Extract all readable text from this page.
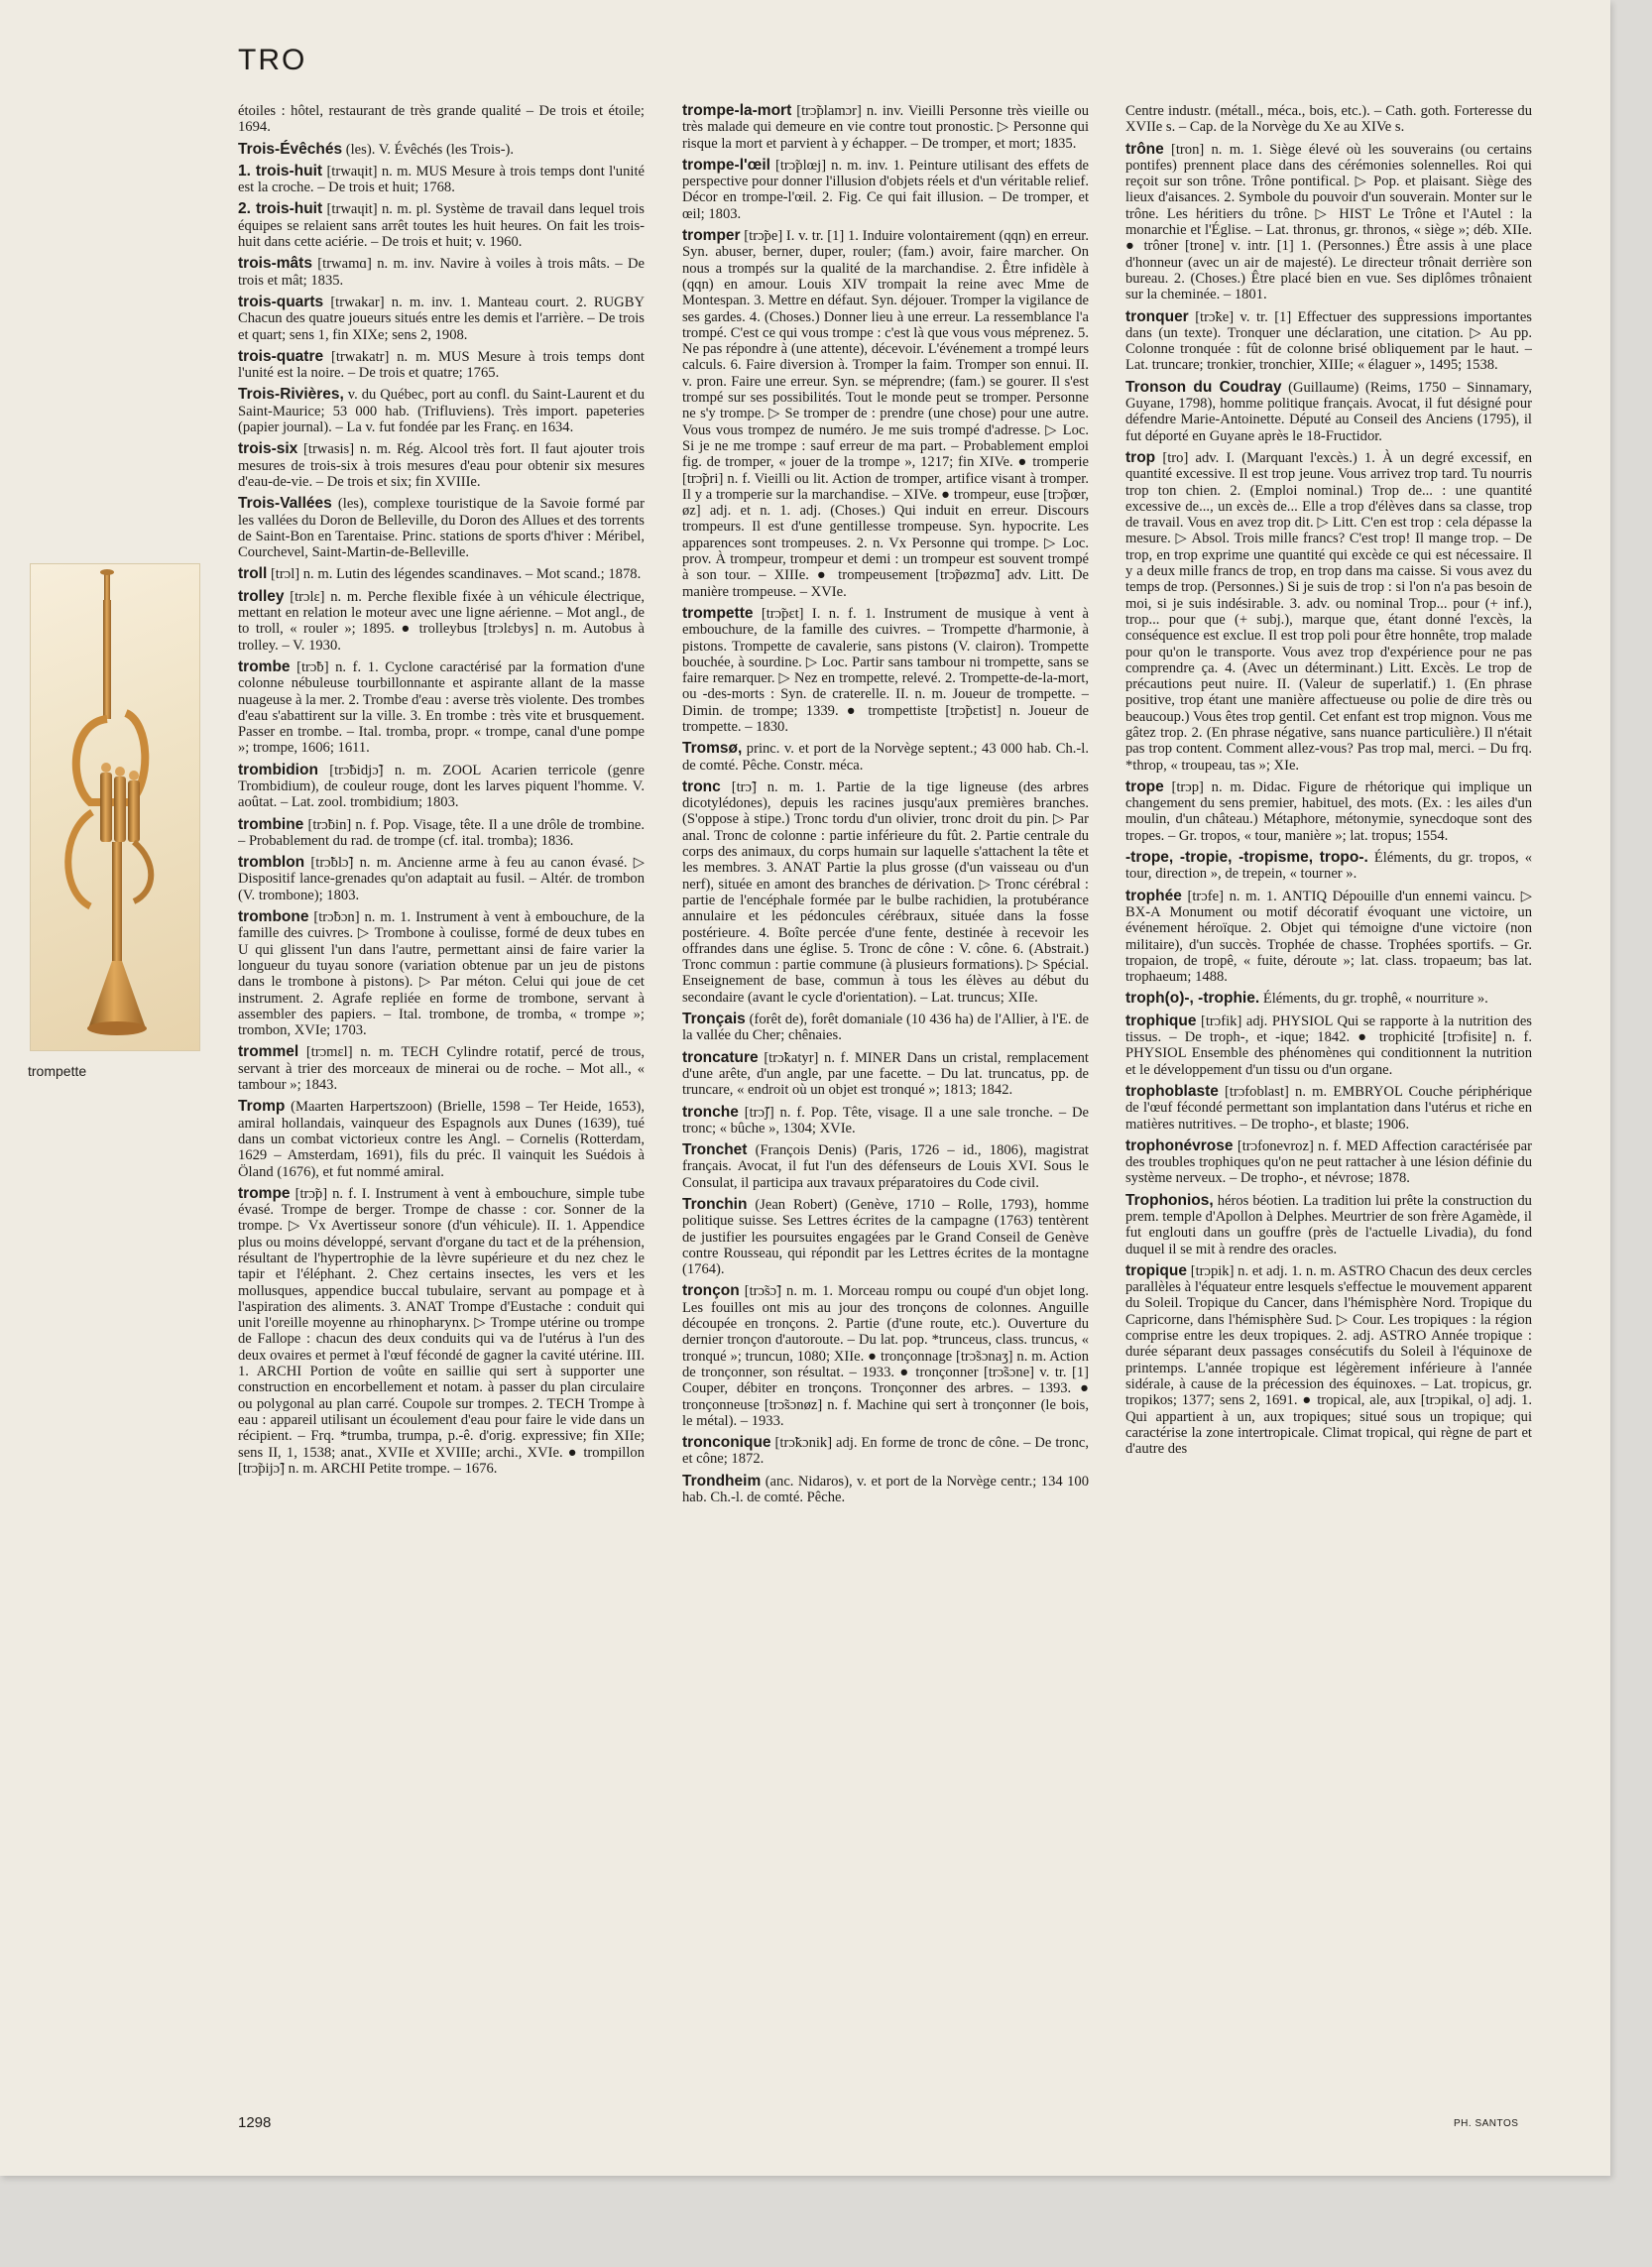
TRO
trompette

étoiles : hôtel, restaurant de très grande qualité – De trois et étoile; 1694.

Trois-Évêchés (les). V. Évêchés (les Trois-).

1. trois-huit [trwaɥit] n. m. MUS Mesure à trois temps dont l'unité est la croche. – De trois et huit; 1768.

2. trois-huit [trwaɥit] n. m. pl. Système de travail dans lequel trois équipes se relaient sans arrêt toutes les huit heures. On fait les trois-huit dans cette aciérie. – De trois et huit; v. 1960.

trois-mâts [trwamɑ] n. m. inv. Navire à voiles à trois mâts. – De trois et mât; 1835.

trois-quarts [trwakar] n. m. inv. 1. Manteau court. 2. RUGBY Chacun des quatre joueurs situés entre les demis et l'arrière. – De trois et quart; sens 1, fin XIXe; sens 2, 1908.

trois-quatre [trwakatr] n. m. MUS Mesure à trois temps dont l'unité est la noire. – De trois et quatre; 1765.

Trois-Rivières, v. du Québec, port au confl. du Saint-Laurent et du Saint-Maurice; 53 000 hab. (Trifluviens). Très import. papeteries (papier journal). – La v. fut fondée par les Franç. en 1634.

trois-six [trwasis] n. m. Rég. Alcool très fort. Il faut ajouter trois mesures de trois-six à trois mesures d'eau pour obtenir six mesures d'eau-de-vie. – De trois et six; fin XVIIIe.

Trois-Vallées (les), complexe touristique de la Savoie formé par les vallées du Doron de Belleville, du Doron des Allues et des torrents de Saint-Bon en Tarentaise. Princ. stations de sports d'hiver : Méribel, Courchevel, Saint-Martin-de-Belleville.

troll [trɔl] n. m. Lutin des légendes scandinaves. – Mot scand.; 1878.

trolley [trɔlɛ] n. m. Perche flexible fixée à un véhicule électrique, mettant en relation le moteur avec une ligne aérienne. – Mot angl., de to troll, « rouler »; 1895. ● trolleybus [trɔlɛbys] n. m. Autobus à trolley. – V. 1930.

trombe [trɔ̃b] n. f. 1. Cyclone caractérisé par la formation d'une colonne nébuleuse tourbillonnante et aspirante allant de la masse nuageuse à la mer. 2. Trombe d'eau : averse très violente. Des trombes d'eau s'abattirent sur la ville. 3. En trombe : très vite et brusquement. Passer en trombe. – Ital. tromba, propr. « trompe, canal d'une pompe »; trompe, 1606; 1611.

trombidion [trɔ̃bidjɔ̃] n. m. ZOOL Acarien terricole (genre Trombidium), de couleur rouge, dont les larves piquent l'homme. V. aoûtat. – Lat. zool. trombidium; 1803.

trombine [trɔ̃bin] n. f. Pop. Visage, tête. Il a une drôle de trombine. – Probablement du rad. de trompe (cf. ital. tromba); 1836.

tromblon [trɔ̃blɔ̃] n. m. Ancienne arme à feu au canon évasé. ▷ Dispositif lance-grenades qu'on adaptait au fusil. – Altér. de trombon (V. trombone); 1803.

trombone [trɔ̃bɔn] n. m. 1. Instrument à vent à embouchure, de la famille des cuivres. ▷ Trombone à coulisse, formé de deux tubes en U qui glissent l'un dans l'autre, permettant ainsi de faire varier la longueur du tuyau sonore (variation obtenue par un jeu de pistons dans le trombone à pistons). ▷ Par méton. Celui qui joue de cet instrument. 2. Agrafe repliée en forme de trombone, servant à assembler des papiers. – Ital. trombone, de tromba, « trompe »; trombon, XVIe; 1703.

trommel [trɔmɛl] n. m. TECH Cylindre rotatif, percé de trous, servant à trier des morceaux de minerai ou de roche. – Mot all., « tambour »; 1843.

Tromp (Maarten Harpertszoon) (Brielle, 1598 – Ter Heide, 1653), amiral hollandais, vainqueur des Espagnols aux Dunes (1639), tué dans un combat victorieux contre les Angl. – Cornelis (Rotterdam, 1629 – Amsterdam, 1691), fils du préc. Il vainquit les Suédois à Öland (1676), et fut nommé amiral.

trompe [trɔ̃p] n. f. I. Instrument à vent à embouchure, simple tube évasé. Trompe de berger. Trompe de chasse : cor. Sonner de la trompe. ▷ Vx Avertisseur sonore (d'un véhicule). II. 1. Appendice plus ou moins développé, servant d'organe du tact et de la préhension, résultant de l'hypertrophie de la lèvre supérieure et du nez chez le tapir et l'éléphant. 2. Chez certains insectes, les vers et les mollusques, appendice buccal tubulaire, servant au pompage et à l'aspiration des aliments. 3. ANAT Trompe d'Eustache : conduit qui unit l'oreille moyenne au rhinopharynx. ▷ Trompe utérine ou trompe de Fallope : chacun des deux conduits qui va de l'utérus à l'un des deux ovaires et permet à l'œuf fécondé de gagner la cavité utérine. III. 1. ARCHI Portion de voûte en saillie qui sert à supporter une construction en encorbellement et notam. à passer du plan circulaire ou polygonal au plan carré. Coupole sur trompes. 2. TECH Trompe à eau : appareil utilisant un écoulement d'eau pour faire le vide dans un récipient. – Frq. *trumba, trumpa, p.-ê. d'orig. expressive; fin XIIe; sens II, 1, 1538; anat., XVIIe et XVIIIe; archi., XVIe. ● trompillon [trɔ̃pijɔ̃] n. m. ARCHI Petite trompe. – 1676.

trompe-la-mort [trɔ̃plamɔr] n. inv. Vieilli Personne très vieille ou très malade qui demeure en vie contre tout pronostic. ▷ Personne qui risque la mort et parvient à y échapper. – De tromper, et mort; 1835.

trompe-l'œil [trɔ̃plœj] n. m. inv. 1. Peinture utilisant des effets de perspective pour donner l'illusion d'objets réels et d'un véritable relief. Décor en trompe-l'œil. 2. Fig. Ce qui fait illusion. – De tromper, et œil; 1803.

tromper [trɔ̃pe] I. v. tr. [1] 1. Induire volontairement (qqn) en erreur. Syn. abuser, berner, duper, rouler; (fam.) avoir, faire marcher. On nous a trompés sur la qualité de la marchandise. 2. Être infidèle à (qqn) en amour. Louis XIV trompait la reine avec Mme de Montespan. 3. Mettre en défaut. Syn. déjouer. Tromper la vigilance de ses gardes. 4. (Choses.) Donner lieu à une erreur. La ressemblance l'a trompé. C'est ce qui vous trompe : c'est là que vous vous méprenez. 5. Ne pas répondre à (une attente), décevoir. L'événement a trompé leurs calculs. 6. Faire diversion à. Tromper la faim. Tromper son ennui. II. v. pron. Faire une erreur. Syn. se méprendre; (fam.) se gourer. Il s'est trompé sur ses possibilités. Tout le monde peut se tromper. Personne ne s'y trompe. ▷ Se tromper de : prendre (une chose) pour une autre. Vous vous trompez de numéro. Je me suis trompé d'adresse. ▷ Loc. Si je ne me trompe : sauf erreur de ma part. – Probablement emploi fig. de tromper, « jouer de la trompe », 1217; fin XIVe. ● tromperie [trɔ̃pri] n. f. Vieilli ou lit. Action de tromper, artifice visant à tromper. Il y a tromperie sur la marchandise. – XIVe. ● trompeur, euse [trɔ̃pœr, øz] adj. et n. 1. adj. (Choses.) Qui induit en erreur. Discours trompeurs. Il est d'une gentillesse trompeuse. Syn. hypocrite. Les apparences sont trompeuses. 2. n. Vx Personne qui trompe. ▷ Loc. prov. À trompeur, trompeur et demi : un trompeur est souvent trompé à son tour. – XIIIe. ● trompeusement [trɔ̃pøzmɑ̃] adv. Litt. De manière trompeuse. – XVIe.

trompette [trɔ̃pɛt] I. n. f. 1. Instrument de musique à vent à embouchure, de la famille des cuivres. – Trompette d'harmonie, à pistons. Trompette de cavalerie, sans pistons (V. clairon). Trompette bouchée, à sourdine. ▷ Loc. Partir sans tambour ni trompette, sans se faire remarquer. ▷ Nez en trompette, relevé. 2. Trompette-de-la-mort, ou -des-morts : Syn. de craterelle. II. n. m. Joueur de trompette. – Dimin. de trompe; 1339. ● trompettiste [trɔ̃pɛtist] n. Joueur de trompette. – 1830.

Tromsø, princ. v. et port de la Norvège septent.; 43 000 hab. Ch.-l. de comté. Pêche. Constr. méca.

tronc [trɔ̃] n. m. 1. Partie de la tige ligneuse (des arbres dicotylédones), depuis les racines jusqu'aux premières branches. (S'oppose à stipe.) Tronc tordu d'un olivier, tronc droit du pin. ▷ Par anal. Tronc de colonne : partie inférieure du fût. 2. Partie centrale du corps des animaux, du corps humain sur laquelle s'attachent la tête et les membres. 3. ANAT Partie la plus grosse (d'un vaisseau ou d'un nerf), située en amont des branches de dérivation. ▷ Tronc cérébral : partie de l'encéphale formée par le bulbe rachidien, la protubérance annulaire et les pédoncules cérébraux, située dans la fosse postérieure. 4. Boîte percée d'une fente, destinée à recevoir les offrandes dans une église. 5. Tronc de cône : V. cône. 6. (Abstrait.) Tronc commun : partie commune (à plusieurs formations). ▷ Spécial. Enseignement de base, commun à tous les élèves au début du secondaire (avant le cycle d'orientation). – Lat. truncus; XIIe.

Tronçais (forêt de), forêt domaniale (10 436 ha) de l'Allier, à l'E. de la vallée du Cher; chênaies.

troncature [trɔ̃katyr] n. f. MINER Dans un cristal, remplacement d'une arête, d'un angle, par une facette. – Du lat. truncatus, pp. de truncare, « endroit où un objet est tronqué »; 1813; 1842.

tronche [trɔ̃ʃ] n. f. Pop. Tête, visage. Il a une sale tronche. – De tronc; « bûche », 1304; XVIe.

Tronchet (François Denis) (Paris, 1726 – id., 1806), magistrat français. Avocat, il fut l'un des défenseurs de Louis XVI. Sous le Consulat, il participa aux travaux préparatoires du Code civil.

Tronchin (Jean Robert) (Genève, 1710 – Rolle, 1793), homme politique suisse. Ses Lettres écrites de la campagne (1763) tentèrent de justifier les poursuites engagées par le Grand Conseil de Genève contre Rousseau, qui répondit par les Lettres écrites de la montagne (1764).

tronçon [trɔ̃sɔ̃] n. m. 1. Morceau rompu ou coupé d'un objet long. Les fouilles ont mis au jour des tronçons de colonnes. Anguille découpée en tronçons. 2. Partie (d'une route, etc.). Ouverture du dernier tronçon d'autoroute. – Du lat. pop. *trunceus, class. truncus, « tronqué »; truncun, 1080; XIIe. ● tronçonnage [trɔ̃sɔnaʒ] n. m. Action de tronçonner, son résultat. – 1933. ● tronçonner [trɔ̃sɔne] v. tr. [1] Couper, débiter en tronçons. Tronçonner des arbres. – 1393. ● tronçonneuse [trɔ̃sɔnøz] n. f. Machine qui sert à tronçonner (le bois, le métal). – 1933.

tronconique [trɔ̃kɔnik] adj. En forme de tronc de cône. – De tronc, et cône; 1872.

Trondheim (anc. Nidaros), v. et port de la Norvège centr.; 134 100 hab. Ch.-l. de comté. Pêche.

Centre industr. (métall., méca., bois, etc.). – Cath. goth. Forteresse du XVIIe s. – Cap. de la Norvège du Xe au XIVe s.

trône [tron] n. m. 1. Siège élevé où les souverains (ou certains pontifes) prennent place dans des cérémonies solennelles. Roi qui reçoit sur son trône. Trône pontifical. ▷ Pop. et plaisant. Siège des lieux d'aisances. 2. Symbole du pouvoir d'un souverain. Monter sur le trône. Les héritiers du trône. ▷ HIST Le Trône et l'Autel : la monarchie et l'Église. – Lat. thronus, gr. thronos, « siège »; déb. XIIe. ● trôner [trone] v. intr. [1] 1. (Personnes.) Être assis à une place d'honneur (avec un air de majesté). Le directeur trônait derrière son bureau. 2. (Choses.) Être placé bien en vue. Ses diplômes trônaient sur la cheminée. – 1801.

tronquer [trɔ̃ke] v. tr. [1] Effectuer des suppressions importantes dans (un texte). Tronquer une déclaration, une citation. ▷ Au pp. Colonne tronquée : fût de colonne brisé obliquement par le haut. – Lat. truncare; tronkier, tronchier, XIIIe; « élaguer », 1495; 1538.

Tronson du Coudray (Guillaume) (Reims, 1750 – Sinnamary, Guyane, 1798), homme politique français. Avocat, il fut désigné pour défendre Marie-Antoinette. Député au Conseil des Anciens (1795), il fut déporté en Guyane après le 18-Fructidor.

trop [tro] adv. I. (Marquant l'excès.) 1. À un degré excessif, en quantité excessive. Il est trop jeune. Vous arrivez trop tard. Tu nourris trop ton chien. 2. (Emploi nominal.) Trop de... : une quantité excessive de..., un excès de... Elle a trop d'élèves dans sa classe, trop de travail. Vous en avez trop dit. ▷ Litt. C'en est trop : cela dépasse la mesure. ▷ Absol. Trois mille francs? C'est trop! Il mange trop. – De trop, en trop exprime une quantité qui excède ce qui est nécessaire. Il y a deux mille francs de trop, en trop dans ma caisse. Si vous avez du temps de trop. (Personnes.) Si je suis de trop : si l'on n'a pas besoin de moi, si je suis indésirable. 3. adv. ou nominal Trop... pour (+ inf.), trop... pour que (+ subj.), marque que, étant donné l'excès, la conséquence est exclue. Il est trop poli pour être honnête, trop malade pour qu'on le transporte. Vous avez trop d'expérience pour ne pas comprendre ça. 4. (Avec un déterminant.) Litt. Excès. Le trop de précautions peut nuire. II. (Valeur de superlatif.) 1. (En phrase positive, trop étant une manière affectueuse ou polie de dire très ou beaucoup.) Vous êtes trop gentil. Cet enfant est trop mignon. Vous me gâtez trop. 2. (En phrase négative, sans nuance particulière.) Il n'était pas trop content. Comment allez-vous? Pas trop mal, merci. – Du frq. *throp, « troupeau, tas »; XIe.

trope [trɔp] n. m. Didac. Figure de rhétorique qui implique un changement du sens premier, habituel, des mots. (Ex. : les ailes d'un moulin, d'un château.) Métaphore, métonymie, synecdoque sont des tropes. – Gr. tropos, « tour, manière »; lat. tropus; 1554.

-trope, -tropie, -tropisme, tropo-. Éléments, du gr. tropos, « tour, direction », de trepein, « tourner ».

trophée [trɔfe] n. m. 1. ANTIQ Dépouille d'un ennemi vaincu. ▷ BX-A Monument ou motif décoratif évoquant une victoire, un événement héroïque. 2. Objet qui témoigne d'une victoire (non militaire), d'un succès. Trophée de chasse. Trophées sportifs. – Gr. tropaion, de tropê, « fuite, déroute »; lat. class. tropaeum; bas lat. trophaeum; 1488.

troph(o)-, -trophie. Éléments, du gr. trophê, « nourriture ».

trophique [trɔfik] adj. PHYSIOL Qui se rapporte à la nutrition des tissus. – De troph-, et -ique; 1842. ● trophicité [trɔfisite] n. f. PHYSIOL Ensemble des phénomènes qui conditionnent la nutrition et le développement d'un tissu ou d'un organe.

trophoblaste [trɔfoblast] n. m. EMBRYOL Couche périphérique de l'œuf fécondé permettant son implantation dans l'utérus et riche en matières nutritives. – De tropho-, et blaste; 1906.

trophonévrose [trɔfonevroz] n. f. MED Affection caractérisée par des troubles trophiques qu'on ne peut rattacher à une lésion définie du système nerveux. – De tropho-, et névrose; 1878.

Trophonios, héros béotien. La tradition lui prête la construction du prem. temple d'Apollon à Delphes. Meurtrier de son frère Agamède, il fut englouti dans un gouffre (près de l'actuelle Livadia), du fond duquel il se mit à rendre des oracles.

tropique [trɔpik] n. et adj. 1. n. m. ASTRO Chacun des deux cercles parallèles à l'équateur entre lesquels s'effectue le mouvement apparent du Soleil. Tropique du Cancer, dans l'hémisphère Nord. Tropique du Capricorne, dans l'hémisphère Sud. ▷ Cour. Les tropiques : la région comprise entre les deux tropiques. 2. adj. ASTRO Année tropique : durée séparant deux passages consécutifs du Soleil à l'équinoxe de printemps. L'année tropique est légèrement inférieure à l'année sidérale, à cause de la précession des équinoxes. – Lat. tropicus, gr. tropikos; 1377; sens 2, 1691. ● tropical, ale, aux [trɔpikal, o] adj. 1. Qui appartient à un, aux tropiques; situé sous un tropique; qui caractérise la zone intertropicale. Climat tropical, qui règne de part et d'autre des

1298	PH. SANTOS
